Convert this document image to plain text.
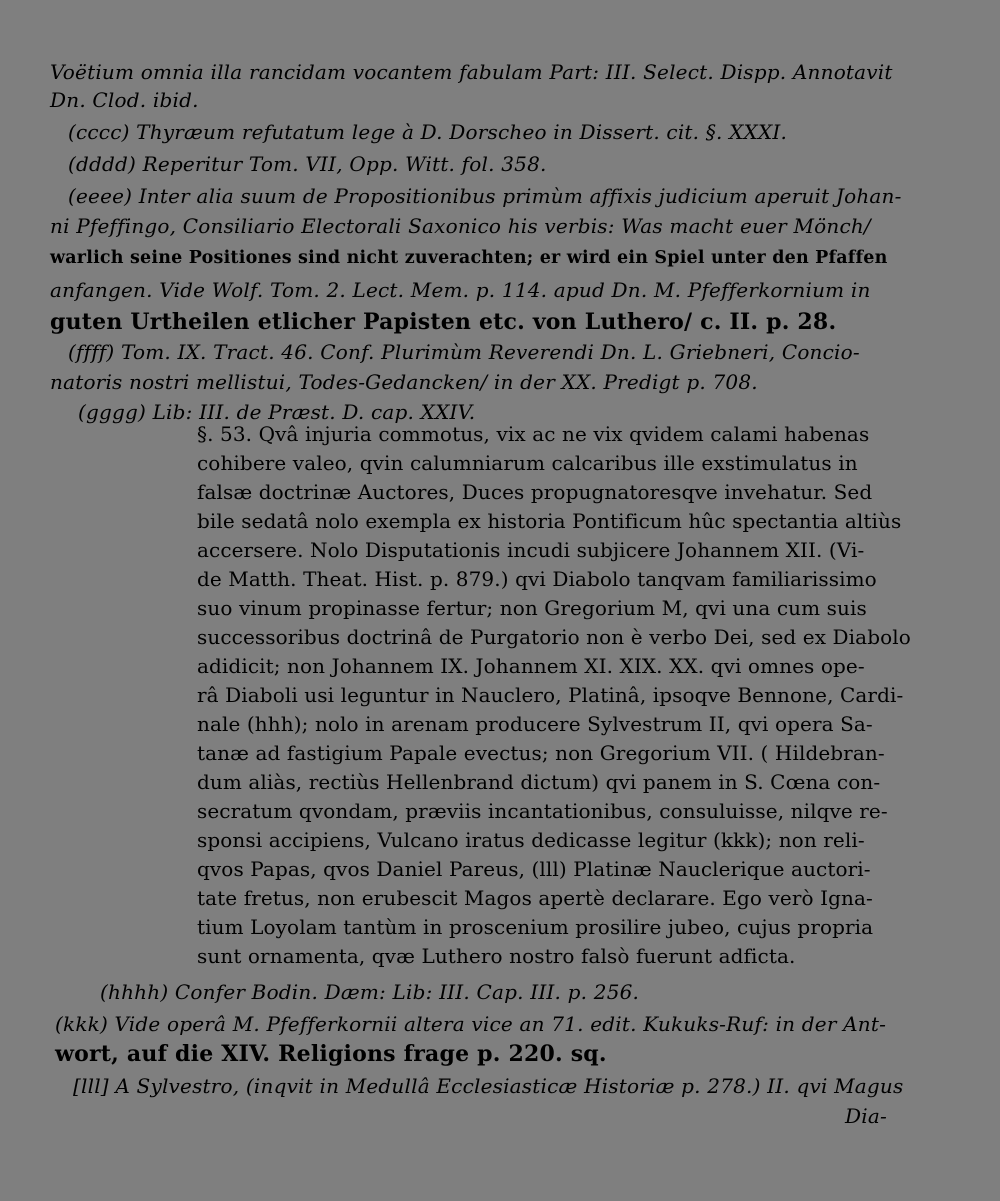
Voëtium omnia illa rancidam vocantem fabulam Part: III. Select. Dispp. Annotavit
Dn. Clod. ibid.
(cccc) Thyræum refutatum lege à D. Dorscheo in Dissert. cit. §. XXXI.
(dddd) Reperitur Tom. VII, Opp. Witt. fol. 358.
(eeee) Inter alia suum de Propositionibus primùm affixis judicium aperuit Johan-
ni Pfeffingo, Consiliario Electorali Saxonico his verbis: Was macht euer Mönch/
warlich seine Positiones sind nicht zuverachten; er wird ein Spiel unter den Pfaffen
anfangen. Vide Wolf. Tom. 2. Lect. Mem. p. 114. apud Dn. M. Pfefferkornium in
guten Urtheilen etlicher Papisten etc. von Luthero/ c. II. p. 28.
(ffff) Tom. IX. Tract. 46. Conf. Plurimùm Reverendi Dn. L. Griebneri, Concio-
natoris nostri mellistui, Todes-Gedancken/ in der XX. Predigt p. 708.
(gggg) Lib: III. de Præst. D. cap. XXIV.
§. 53. Qvâ injuria commotus, vix ac ne vix qvidem calami habenas
cohibere valeo, qvin calumniarum calcaribus ille exstimulatus in
falsæ doctrinæ Auctores, Duces propugnatoresqve invehatur. Sed
bile sedatâ nolo exempla ex historia Pontificum hûc spectantia altiùs
accersere. Nolo Disputationis incudi subjicere Johannem XII. (Vi-
de Matth. Theat. Hist. p. 879.) qvi Diabolo tanqvam familiarissimo
suo vinum propinasse fertur; non Gregorium M, qvi una cum suis
successoribus doctrinâ de Purgatorio non è verbo Dei, sed ex Diabolo
adidicit; non Johannem IX. Johannem XI. XIX. XX. qvi omnes ope-
râ Diaboli usi leguntur in Nauclero, Platinâ, ipsoqve Bennone, Cardi-
nale (hhh); nolo in arenam producere Sylvestrum II, qvi opera Sa-
tanæ ad fastigium Papale evectus; non Gregorium VII. ( Hildebran-
dum aliàs, rectiùs Hellenbrand dictum) qvi panem in S. Cœna con-
secratum qvondam, præviis incantationibus, consuluisse, nilqve re-
sponsi accipiens, Vulcano iratus dedicasse legitur (kkk); non reli-
qvos Papas, qvos Daniel Pareus, (lll) Platinæ Nauclerique auctori-
tate fretus, non erubescit Magos apertè declarare. Ego verò Igna-
tium Loyolam tantùm in proscenium prosilire jubeo, cujus propria
sunt ornamenta, qvæ Luthero nostro falsò fuerunt adficta.
(hhhh) Confer Bodin. Dæm: Lib: III. Cap. III. p. 256.
(kkk) Vide operâ M. Pfefferkornii altera vice an 71. edit. Kukuks-Ruf: in der Ant-
wort, auf die XIV. Religions frage p. 220. sq.
[lll] A Sylvestro, (inqvit in Medullâ Ecclesiasticæ Historiæ p. 278.) II. qvi Magus
Dia-
